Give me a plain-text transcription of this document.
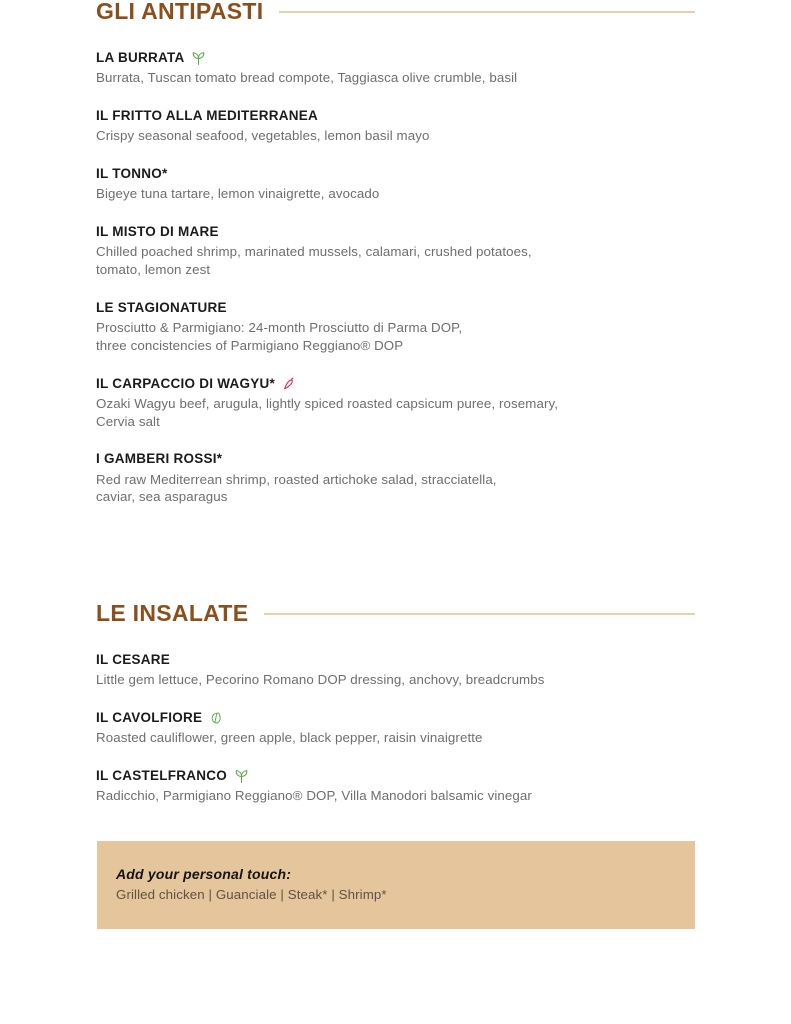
GLI ANTIPASTI
LA BURRATA
Burrata, Tuscan tomato bread compote, Taggiasca olive crumble, basil
IL FRITTO ALLA MEDITERRANEA
Crispy seasonal seafood, vegetables, lemon basil mayo
IL TONNO*
Bigeye tuna tartare, lemon vinaigrette, avocado
IL MISTO DI MARE
Chilled poached shrimp, marinated mussels, calamari, crushed potatoes, tomato, lemon zest
LE STAGIONATURE
Prosciutto & Parmigiano: 24-month Prosciutto di Parma DOP, three concistencies of Parmigiano Reggiano® DOP
IL CARPACCIO DI WAGYU*
Ozaki Wagyu beef, arugula, lightly spiced roasted capsicum puree, rosemary, Cervia salt
I GAMBERI ROSSI*
Red raw Mediterrean shrimp, roasted artichoke salad, stracciatella, caviar, sea asparagus
LE INSALATE
IL CESARE
Little gem lettuce, Pecorino Romano DOP dressing, anchovy, breadcrumbs
IL CAVOLFIORE
Roasted cauliflower, green apple, black pepper, raisin vinaigrette
IL CASTELFRANCO
Radicchio, Parmigiano Reggiano® DOP, Villa Manodori balsamic vinegar
Add your personal touch:
Grilled chicken | Guanciale | Steak* | Shrimp*
